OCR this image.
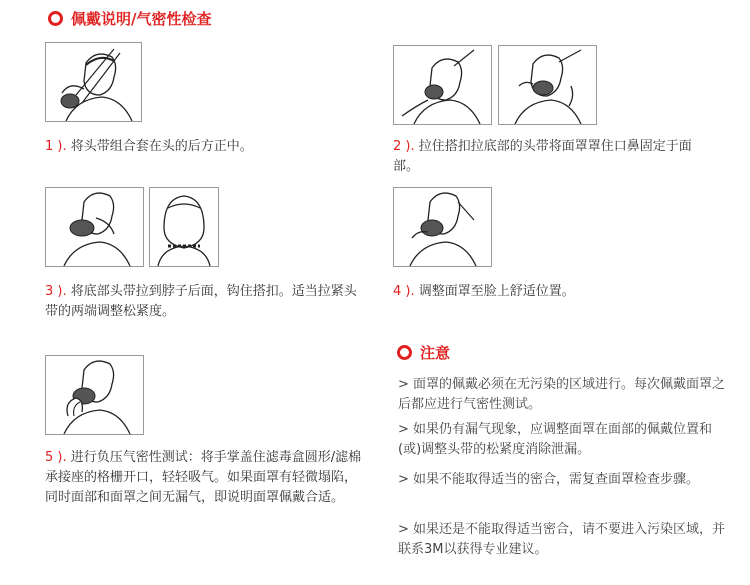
佩戴说明/气密性检查
1 ). 将头带组合套在头的后方正中。	2 ). 拉住搭扣拉底部的头带将面罩罩住口鼻固定于面部。
3 ). 将底部头带拉到脖子后面，钩住搭扣。适当拉紧头带的两端调整松紧度。
4 ). 调整面罩至脸上舒适位置。
5 ). 进行负压气密性测试：将手掌盖住滤毒盒圆形/滤棉承接座的格栅开口，轻轻吸气。如果面罩有轻微塌陷，同时面部和面罩之间无漏气，即说明面罩佩戴合适。
注意
> 面罩的佩戴必须在无污染的区域进行。每次佩戴面罩之后都应进行气密性测试。
> 如果仍有漏气现象，应调整面罩在面部的佩戴位置和(或)调整头带的松紧度消除泄漏。
> 如果不能取得适当的密合，需复查面罩检查步骤。
> 如果还是不能取得适当密合，请不要进入污染区域，并联系3M以获得专业建议。
